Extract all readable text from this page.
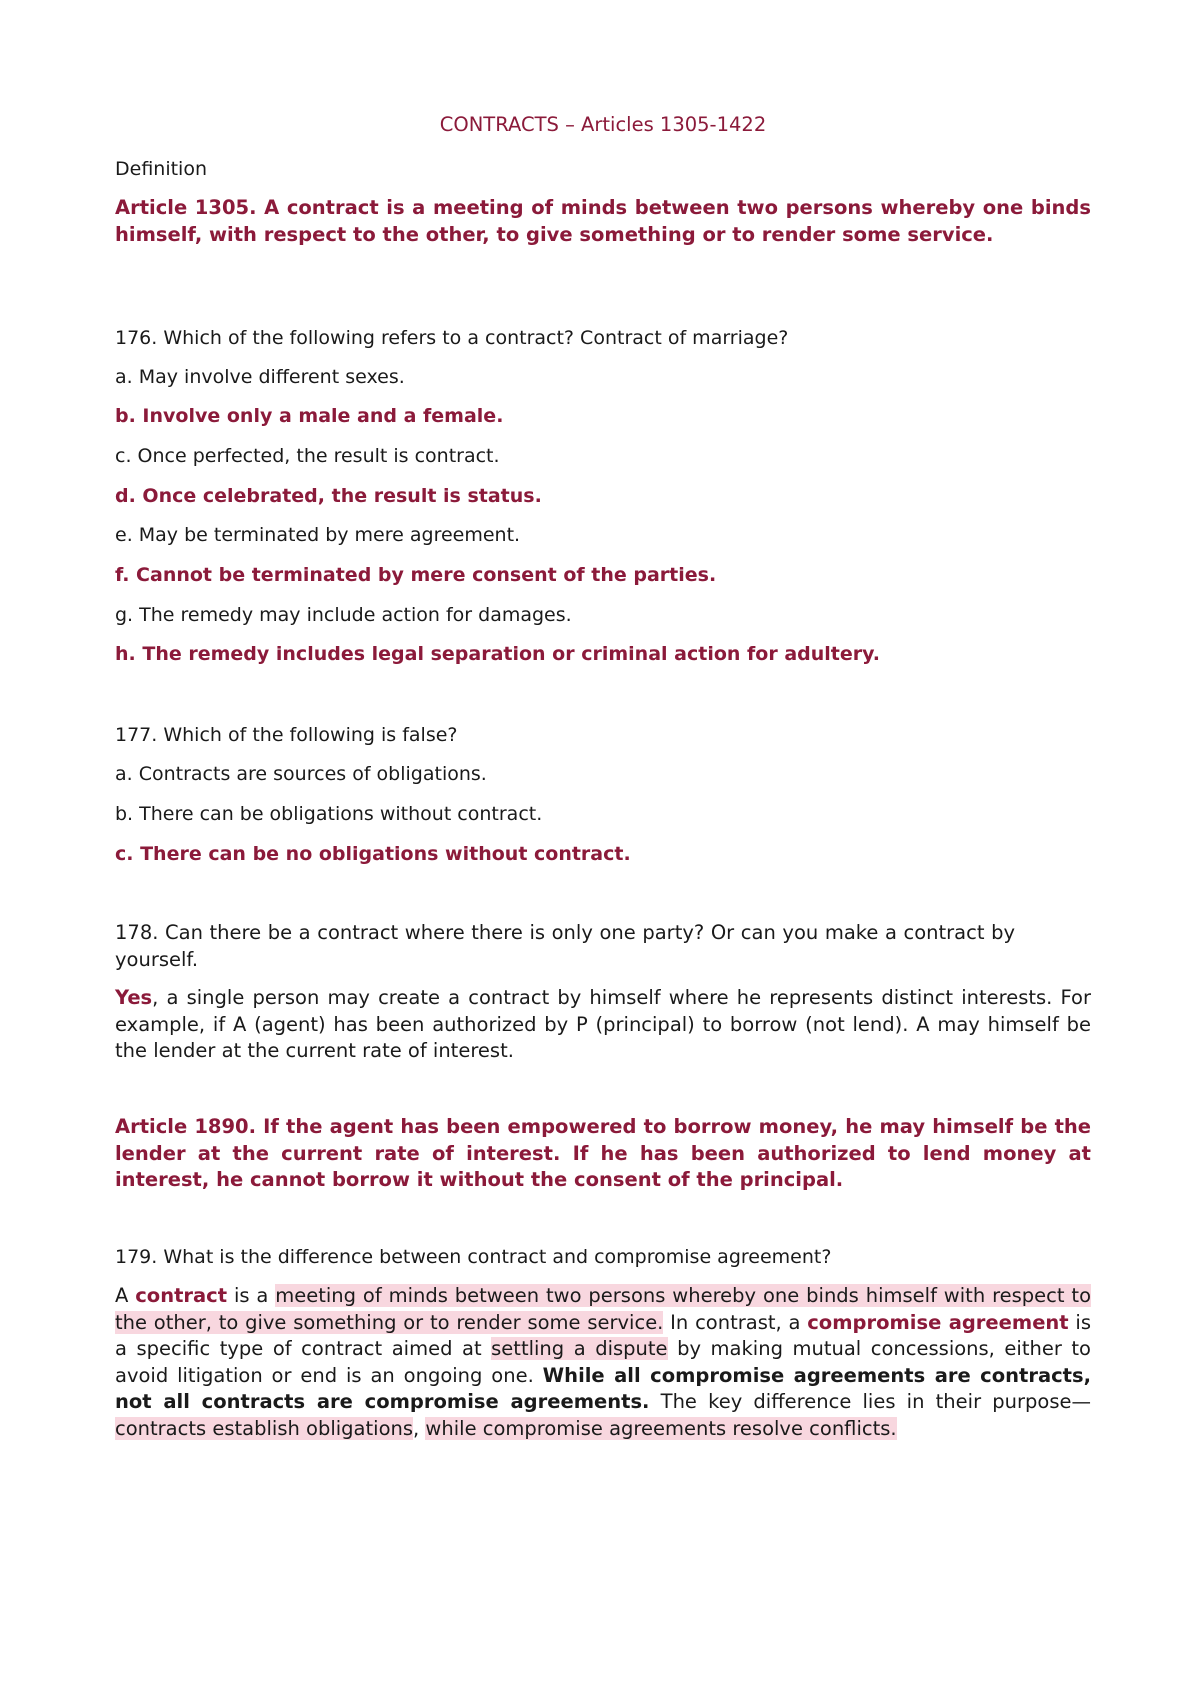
CONTRACTS – Articles 1305-1422

Definition

Article 1305. A contract is a meeting of minds between two persons whereby one binds himself, with respect to the other, to give something or to render some service.

176. Which of the following refers to a contract? Contract of marriage?

a. May involve different sexes.

b. Involve only a male and a female.

c. Once perfected, the result is contract.

d. Once celebrated, the result is status.

e. May be terminated by mere agreement.

f. Cannot be terminated by mere consent of the parties.

g. The remedy may include action for damages.

h. The remedy includes legal separation or criminal action for adultery.

177. Which of the following is false?

a. Contracts are sources of obligations.

b. There can be obligations without contract.

c. There can be no obligations without contract.

178. Can there be a contract where there is only one party? Or can you make a contract by yourself.

Yes, a single person may create a contract by himself where he represents distinct interests. For example, if A (agent) has been authorized by P (principal) to borrow (not lend). A may himself be the lender at the current rate of interest.

Article 1890. If the agent has been empowered to borrow money, he may himself be the lender at the current rate of interest. If he has been authorized to lend money at interest, he cannot borrow it without the consent of the principal.

179. What is the difference between contract and compromise agreement?

A contract is a meeting of minds between two persons whereby one binds himself with respect to the other, to give something or to render some service. In contrast, a compromise agreement is a specific type of contract aimed at settling a dispute by making mutual concessions, either to avoid litigation or end is an ongoing one. While all compromise agreements are contracts, not all contracts are compromise agreements. The key difference lies in their purpose—contracts establish obligations, while compromise agreements resolve conflicts.
